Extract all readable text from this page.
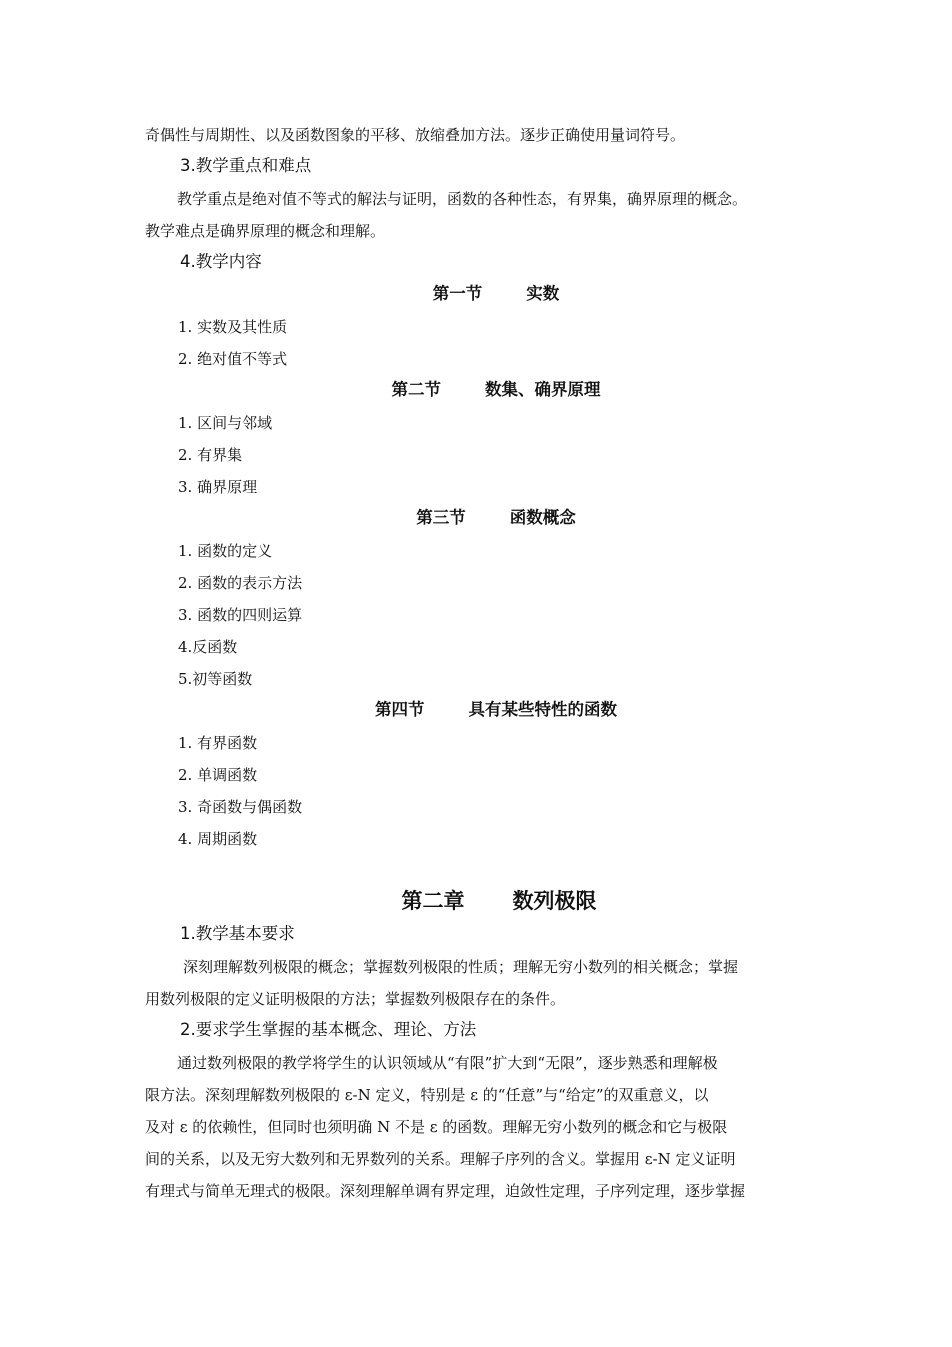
奇偶性与周期性、以及函数图象的平移、放缩叠加方法。逐步正确使用量词符号。
3.教学重点和难点
教学重点是绝对值不等式的解法与证明，函数的各种性态，有界集，确界原理的概念。
教学难点是确界原理的概念和理解。
4.教学内容
第一节	实数
1. 实数及其性质
2. 绝对值不等式
第二节	数集、确界原理
1. 区间与邻域
2. 有界集
3. 确界原理
第三节	函数概念
1. 函数的定义
2. 函数的表示方法
3. 函数的四则运算
4.反函数
5.初等函数
第四节	具有某些特性的函数
1. 有界函数
2. 单调函数
3. 奇函数与偶函数
4. 周期函数
第二章 数列极限
1.教学基本要求
深刻理解数列极限的概念；掌握数列极限的性质；理解无穷小数列的相关概念；掌握
用数列极限的定义证明极限的方法；掌握数列极限存在的条件。
2.要求学生掌握的基本概念、理论、方法
通过数列极限的教学将学生的认识领域从“有限”扩大到“无限”，逐步熟悉和理解极
限方法。深刻理解数列极限的 ε-N 定义，特别是 ε 的“任意”与“给定”的双重意义，以
及对 ε 的依赖性，但同时也须明确 N 不是 ε 的函数。理解无穷小数列的概念和它与极限
间的关系，以及无穷大数列和无界数列的关系。理解子序列的含义。掌握用 ε-N 定义证明
有理式与简单无理式的极限。深刻理解单调有界定理，迫敛性定理，子序列定理，逐步掌握
